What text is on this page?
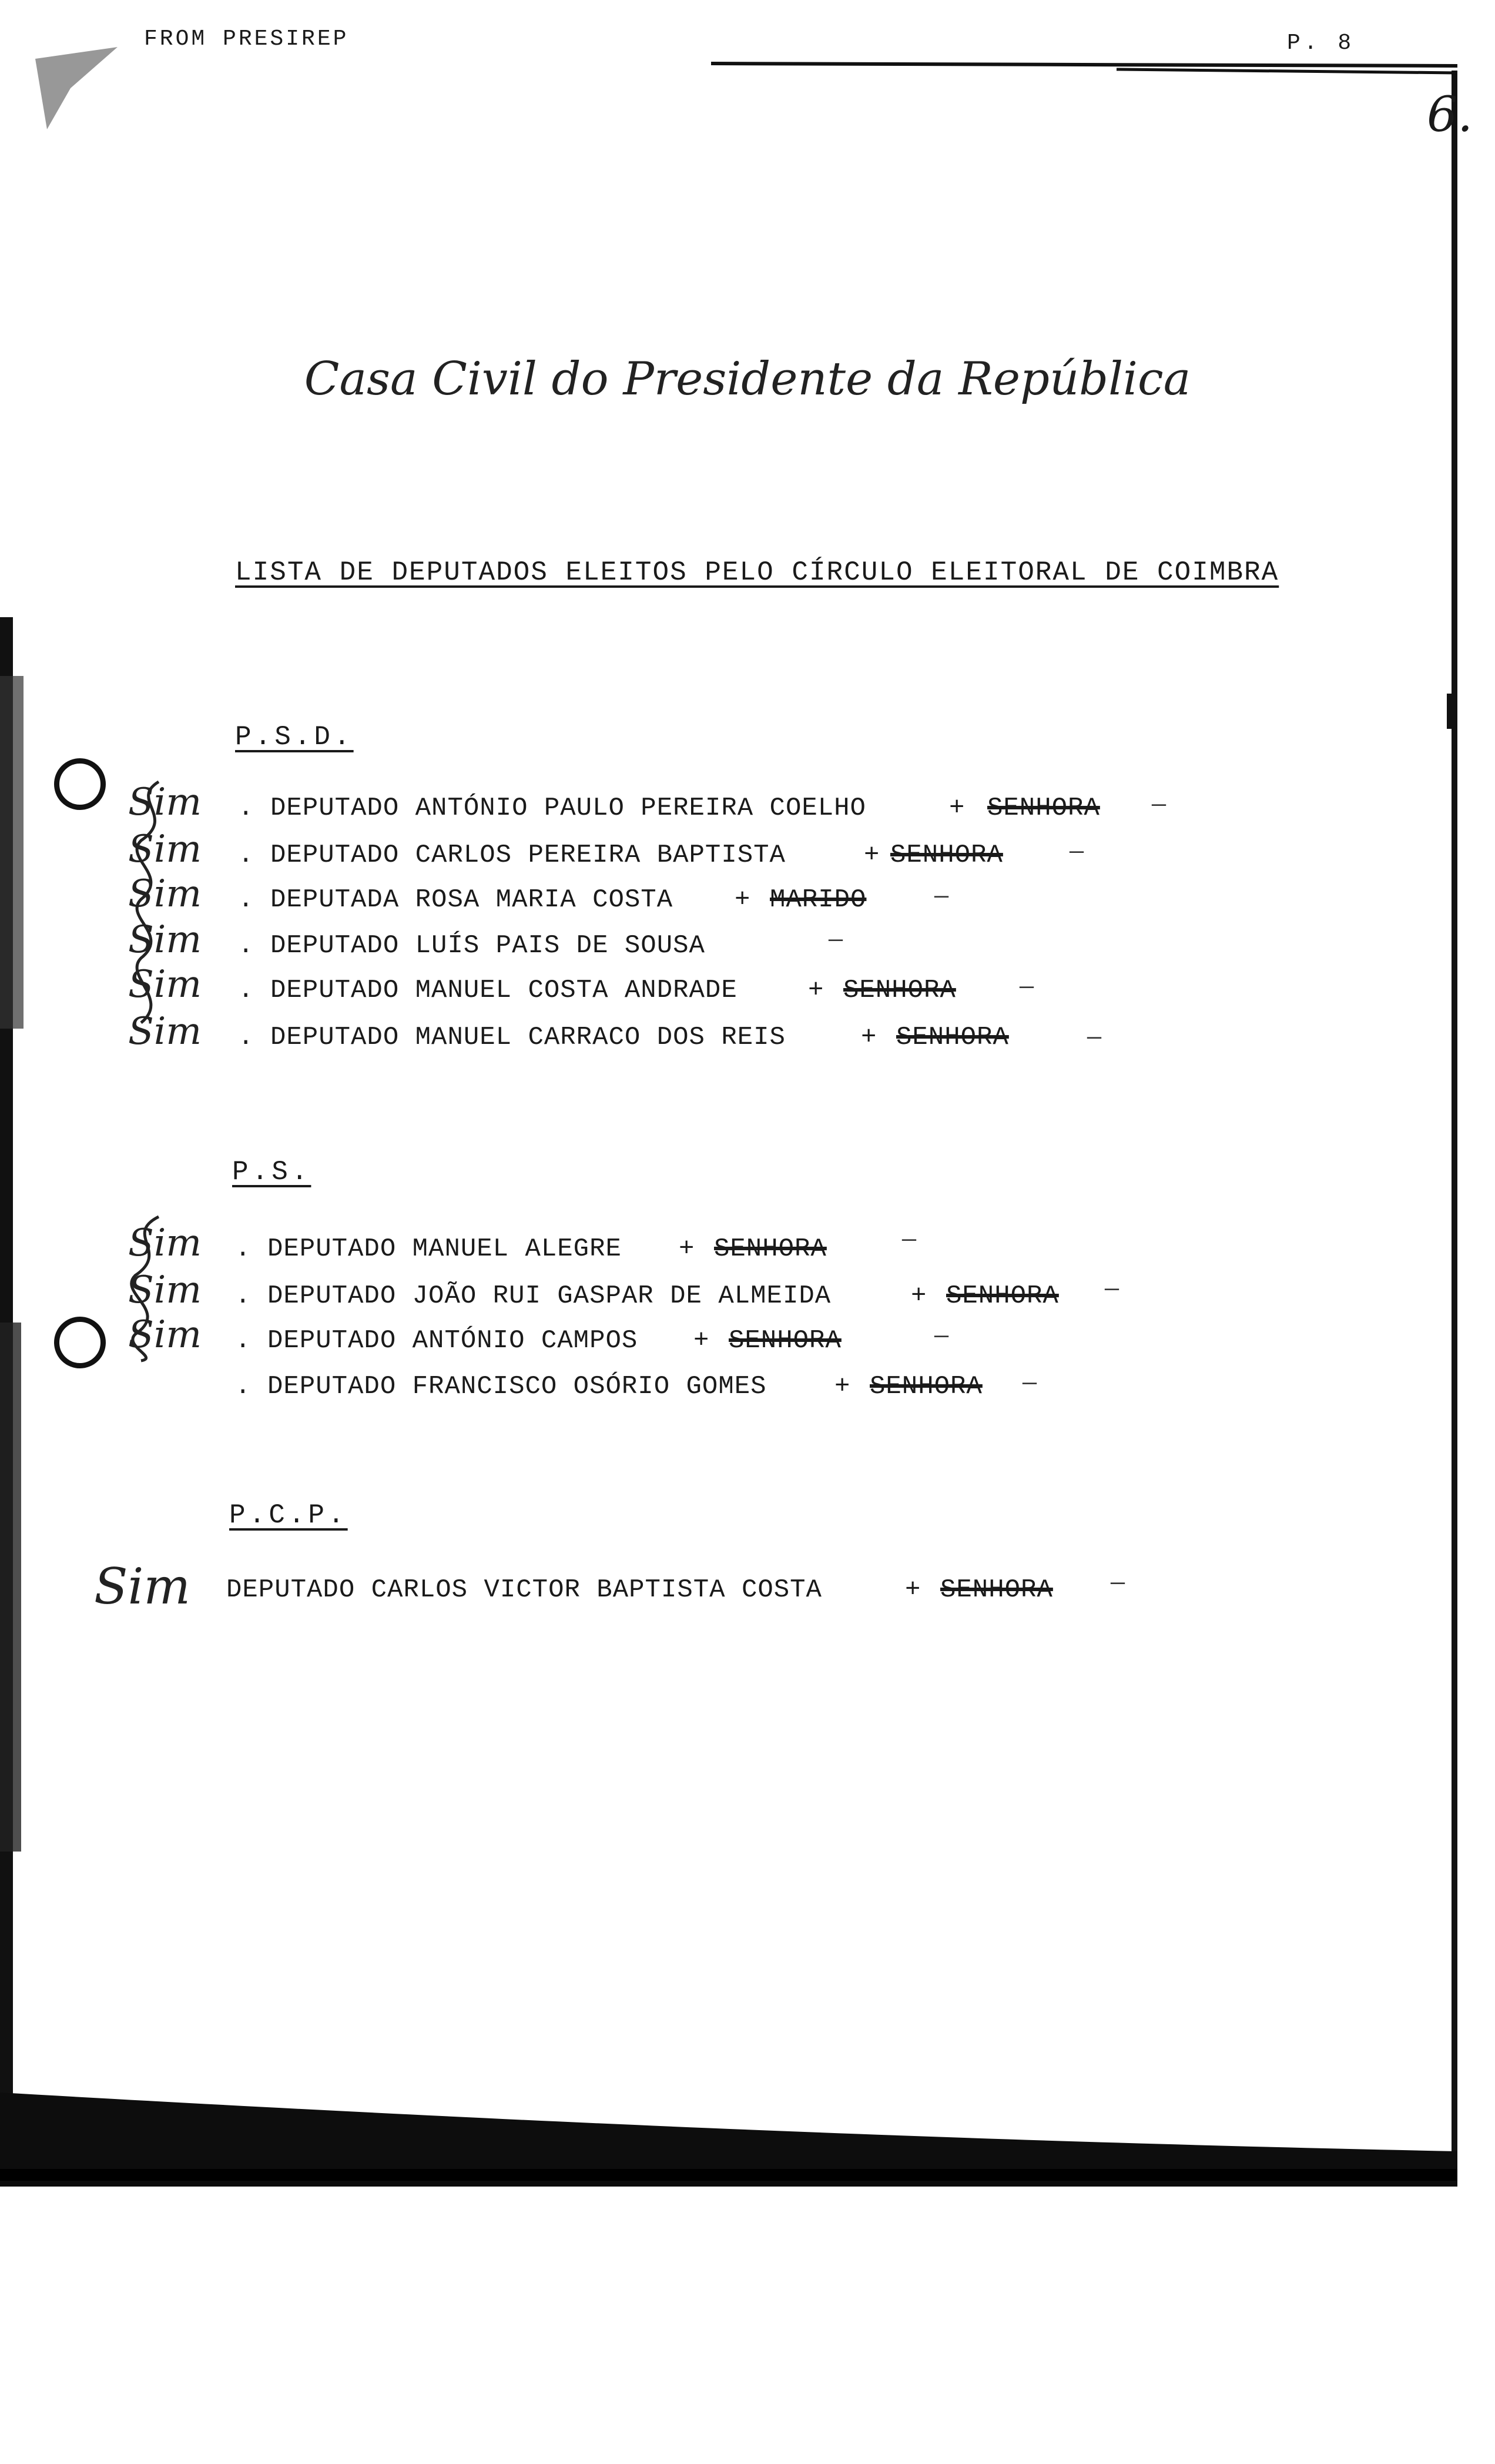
FROM PRESIREP	P. 8
6.
Casa Civil do Presidente da República
LISTA DE DEPUTADOS ELEITOS PELO CÍRCULO ELEITORAL DE COIMBRA
P.S.D.
Sim . DEPUTADO ANTÓNIO PAULO PEREIRA COELHO	+ SENHORA —
Sim . DEPUTADO CARLOS PEREIRA BAPTISTA	+ SENHORA	—
Sim . DEPUTADA ROSA MARIA COSTA + MARIDO	—
Sim . DEPUTADO LUÍS PAIS DE SOUSA	—
Sim . DEPUTADO MANUEL COSTA ANDRADE	+ SENHORA	—
Sim . DEPUTADO MANUEL CARRACO DOS REIS	+ SENHORA	—
P.S.
Sim . DEPUTADO MANUEL ALEGRE + SENHORA	—
Sim . DEPUTADO JOÃO RUI GASPAR DE ALMEIDA	+ SENHORA —
Sim . DEPUTADO ANTÓNIO CAMPOS + SENHORA	—
. DEPUTADO FRANCISCO OSÓRIO GOMES	+ SENHORA —
P.C.P.
Sim DEPUTADO CARLOS VICTOR BAPTISTA COSTA	+ SENHORA —
